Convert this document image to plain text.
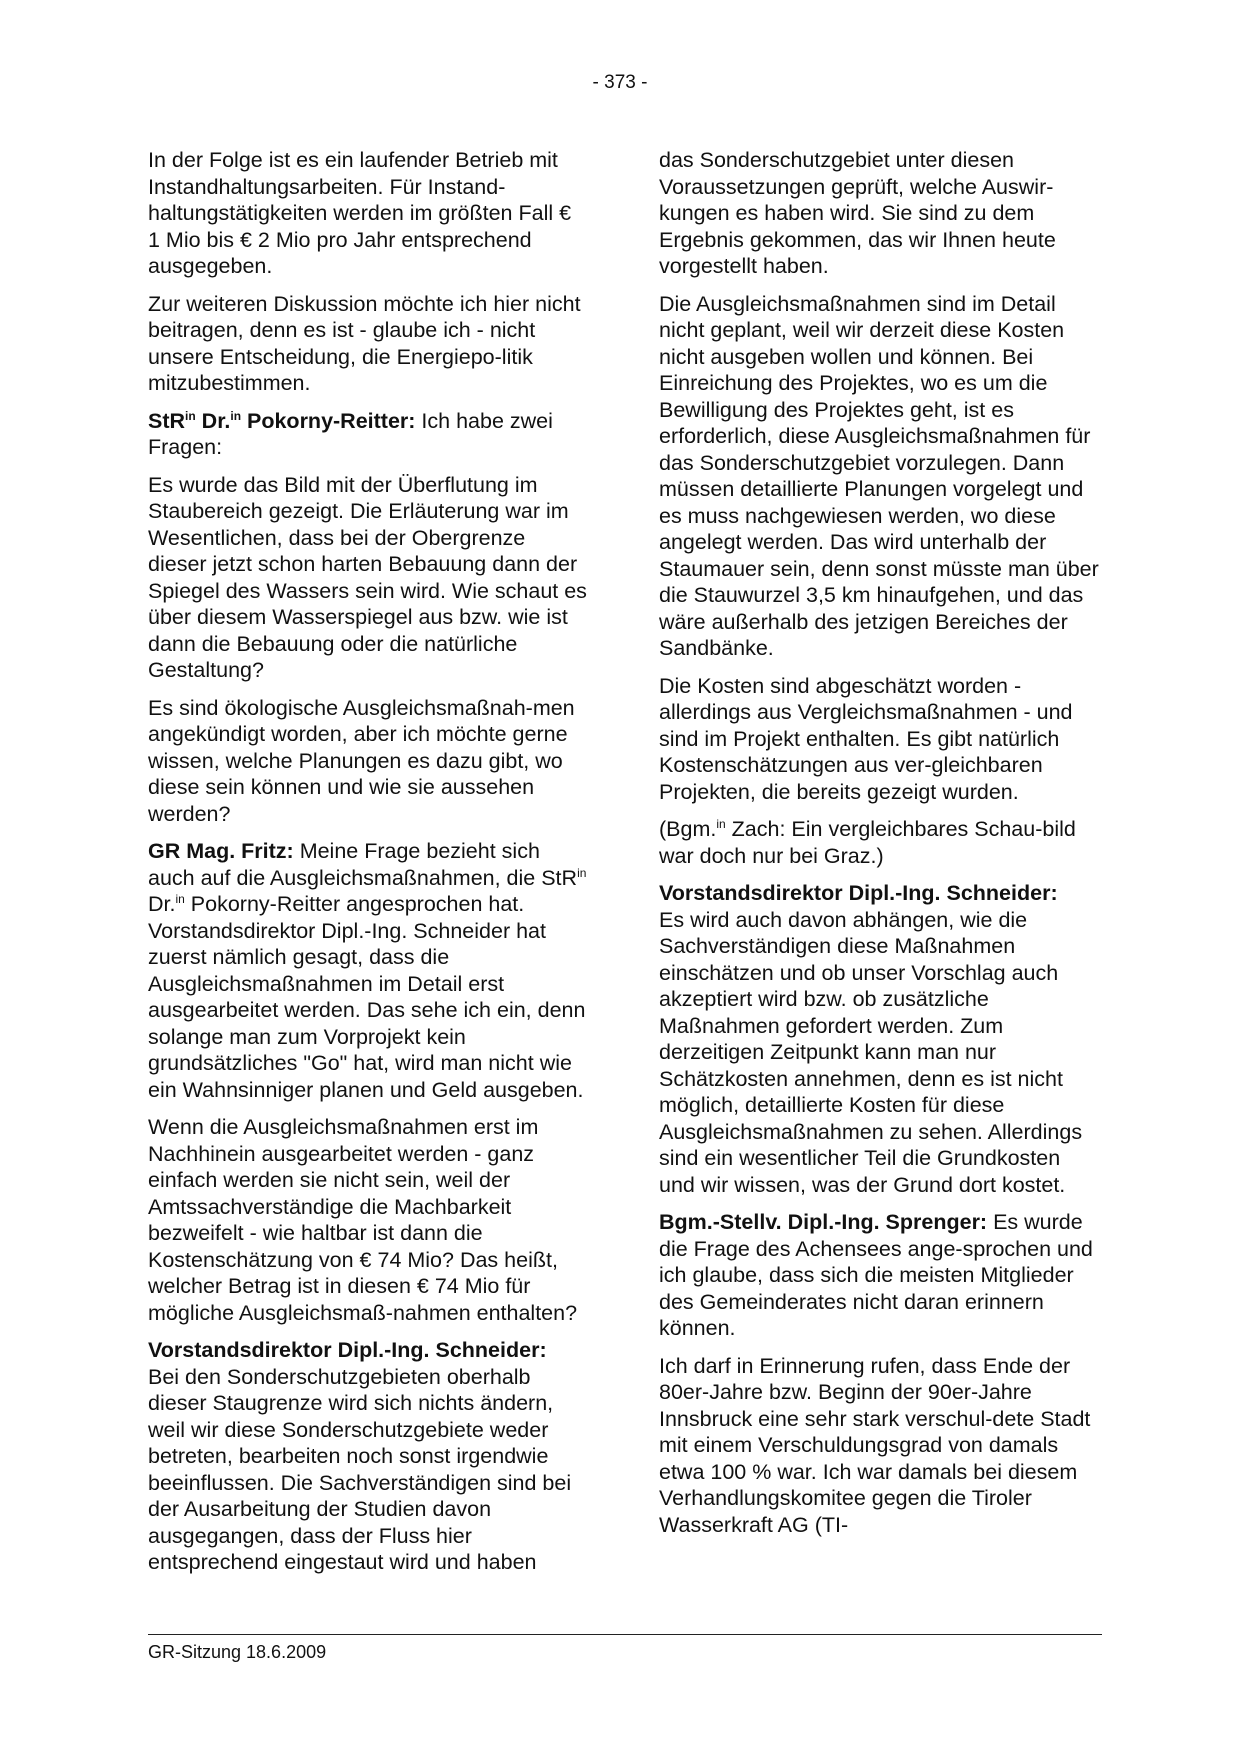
- 373 -

In der Folge ist es ein laufender Betrieb mit Instandhaltungsarbeiten. Für Instand-haltungstätigkeiten werden im größten Fall € 1 Mio bis € 2 Mio pro Jahr entsprechend ausgegeben.

Zur weiteren Diskussion möchte ich hier nicht beitragen, denn es ist - glaube ich - nicht unsere Entscheidung, die Energiepo-litik mitzubestimmen.

StR$^{in}$ Dr.$^{in}$ Pokorny-Reitter: Ich habe zwei Fragen:

Es wurde das Bild mit der Überflutung im Staubereich gezeigt. Die Erläuterung war im Wesentlichen, dass bei der Obergrenze dieser jetzt schon harten Bebauung dann der Spiegel des Wassers sein wird. Wie schaut es über diesem Wasserspiegel aus bzw. wie ist dann die Bebauung oder die natürliche Gestaltung?

Es sind ökologische Ausgleichsmaßnah-men angekündigt worden, aber ich möchte gerne wissen, welche Planungen es dazu gibt, wo diese sein können und wie sie aussehen werden?

GR Mag. Fritz: Meine Frage bezieht sich auch auf die Ausgleichsmaßnahmen, die StR$^{in}$ Dr.$^{in}$ Pokorny-Reitter angesprochen hat. Vorstandsdirektor Dipl.-Ing. Schneider hat zuerst nämlich gesagt, dass die Ausgleichsmaßnahmen im Detail erst ausgearbeitet werden. Das sehe ich ein, denn solange man zum Vorprojekt kein grundsätzliches "Go" hat, wird man nicht wie ein Wahnsinniger planen und Geld ausgeben.

Wenn die Ausgleichsmaßnahmen erst im Nachhinein ausgearbeitet werden - ganz einfach werden sie nicht sein, weil der Amtssachverständige die Machbarkeit bezweifelt - wie haltbar ist dann die Kostenschätzung von € 74 Mio? Das heißt, welcher Betrag ist in diesen € 74 Mio für mögliche Ausgleichsmaß-nahmen enthalten?

Vorstandsdirektor Dipl.-Ing. Schneider:
Bei den Sonderschutzgebieten oberhalb dieser Staugrenze wird sich nichts ändern, weil wir diese Sonderschutzgebiete weder betreten, bearbeiten noch sonst irgendwie beeinflussen. Die Sachverständigen sind bei der Ausarbeitung der Studien davon ausgegangen, dass der Fluss hier entsprechend eingestaut wird und haben

das Sonderschutzgebiet unter diesen Voraussetzungen geprüft, welche Auswir-kungen es haben wird. Sie sind zu dem Ergebnis gekommen, das wir Ihnen heute vorgestellt haben.

Die Ausgleichsmaßnahmen sind im Detail nicht geplant, weil wir derzeit diese Kosten nicht ausgeben wollen und können. Bei Einreichung des Projektes, wo es um die Bewilligung des Projektes geht, ist es erforderlich, diese Ausgleichsmaßnahmen für das Sonderschutzgebiet vorzulegen. Dann müssen detaillierte Planungen vorgelegt und es muss nachgewiesen werden, wo diese angelegt werden. Das wird unterhalb der Staumauer sein, denn sonst müsste man über die Stauwurzel 3,5 km hinaufgehen, und das wäre außerhalb des jetzigen Bereiches der Sandbänke.

Die Kosten sind abgeschätzt worden - allerdings aus Vergleichsmaßnahmen - und sind im Projekt enthalten. Es gibt natürlich Kostenschätzungen aus ver-gleichbaren Projekten, die bereits gezeigt wurden.

(Bgm.$^{in}$ Zach: Ein vergleichbares Schau-bild war doch nur bei Graz.)

Vorstandsdirektor Dipl.-Ing. Schneider:
Es wird auch davon abhängen, wie die Sachverständigen diese Maßnahmen einschätzen und ob unser Vorschlag auch akzeptiert wird bzw. ob zusätzliche Maßnahmen gefordert werden. Zum derzeitigen Zeitpunkt kann man nur Schätzkosten annehmen, denn es ist nicht möglich, detaillierte Kosten für diese Ausgleichsmaßnahmen zu sehen. Allerdings sind ein wesentlicher Teil die Grundkosten und wir wissen, was der Grund dort kostet.

Bgm.-Stellv. Dipl.-Ing. Sprenger: Es wurde die Frage des Achensees ange-sprochen und ich glaube, dass sich die meisten Mitglieder des Gemeinderates nicht daran erinnern können.

Ich darf in Erinnerung rufen, dass Ende der 80er-Jahre bzw. Beginn der 90er-Jahre Innsbruck eine sehr stark verschul-dete Stadt mit einem Verschuldungsgrad von damals etwa 100 % war. Ich war damals bei diesem Verhandlungskomitee gegen die Tiroler Wasserkraft AG (TI-

GR-Sitzung 18.6.2009
